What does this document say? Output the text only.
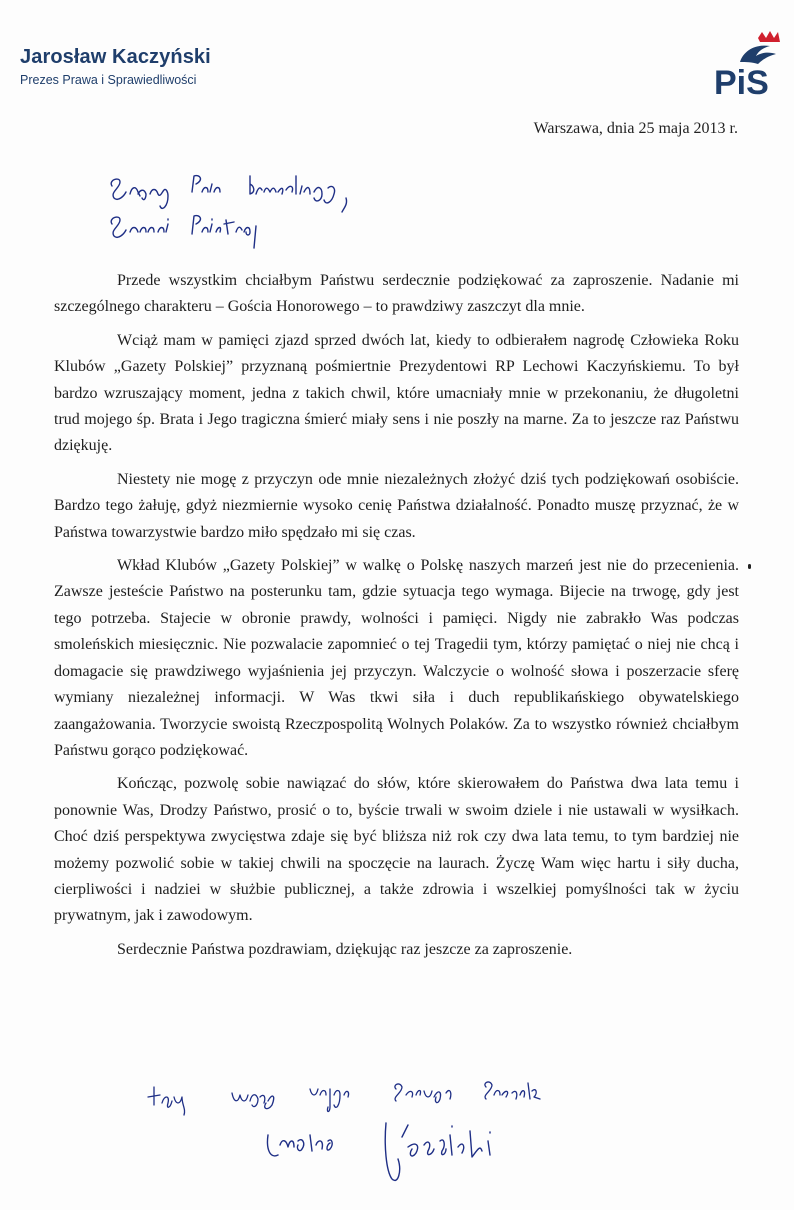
Jarosław Kaczyński
Prezes Prawa i Sprawiedliwości	PiS
Warszawa, dnia 25 maja 2013 r.

Przede wszystkim chciałbym Państwu serdecznie podziękować za zaproszenie. Nadanie mi szczególnego charakteru – Gościa Honorowego – to prawdziwy zaszczyt dla mnie.

Wciąż mam w pamięci zjazd sprzed dwóch lat, kiedy to odbierałem nagrodę Człowieka Roku Klubów „Gazety Polskiej” przyznaną pośmiertnie Prezydentowi RP Lechowi Kaczyńskiemu. To był bardzo wzruszający moment, jedna z takich chwil, które umacniały mnie w przekonaniu, że długoletni trud mojego śp. Brata i Jego tragiczna śmierć miały sens i nie poszły na marne. Za to jeszcze raz Państwu dziękuję.

Niestety nie mogę z przyczyn ode mnie niezależnych złożyć dziś tych podziękowań osobiście. Bardzo tego żałuję, gdyż niezmiernie wysoko cenię Państwa działalność. Ponadto muszę przyznać, że w Państwa towarzystwie bardzo miło spędzało mi się czas.

Wkład Klubów „Gazety Polskiej” w walkę o Polskę naszych marzeń jest nie do przecenienia. Zawsze jesteście Państwo na posterunku tam, gdzie sytuacja tego wymaga. Bijecie na trwogę, gdy jest tego potrzeba. Stajecie w obronie prawdy, wolności i pamięci. Nigdy nie zabrakło Was podczas smoleńskich miesięcznic. Nie pozwalacie zapomnieć o tej Tragedii tym, którzy pamiętać o niej nie chcą i domagacie się prawdziwego wyjaśnienia jej przyczyn. Walczycie o wolność słowa i poszerzacie sferę wymiany niezależnej informacji. W Was tkwi siła i duch republikańskiego obywatelskiego zaangażowania. Tworzycie swoistą Rzeczpospolitą Wolnych Polaków. Za to wszystko również chciałbym Państwu gorąco podziękować.

Kończąc, pozwolę sobie nawiązać do słów, które skierowałem do Państwa dwa lata temu i ponownie Was, Drodzy Państwo, prosić o to, byście trwali w swoim dziele i nie ustawali w wysiłkach. Choć dziś perspektywa zwycięstwa zdaje się być bliższa niż rok czy dwa lata temu, to tym bardziej nie możemy pozwolić sobie w takiej chwili na spoczęcie na laurach. Życzę Wam więc hartu i siły ducha, cierpliwości i nadziei w służbie publicznej, a także zdrowia i wszelkiej pomyślności tak w życiu prywatnym, jak i zawodowym.

Serdecznie Państwa pozdrawiam, dziękując raz jeszcze za zaproszenie.
